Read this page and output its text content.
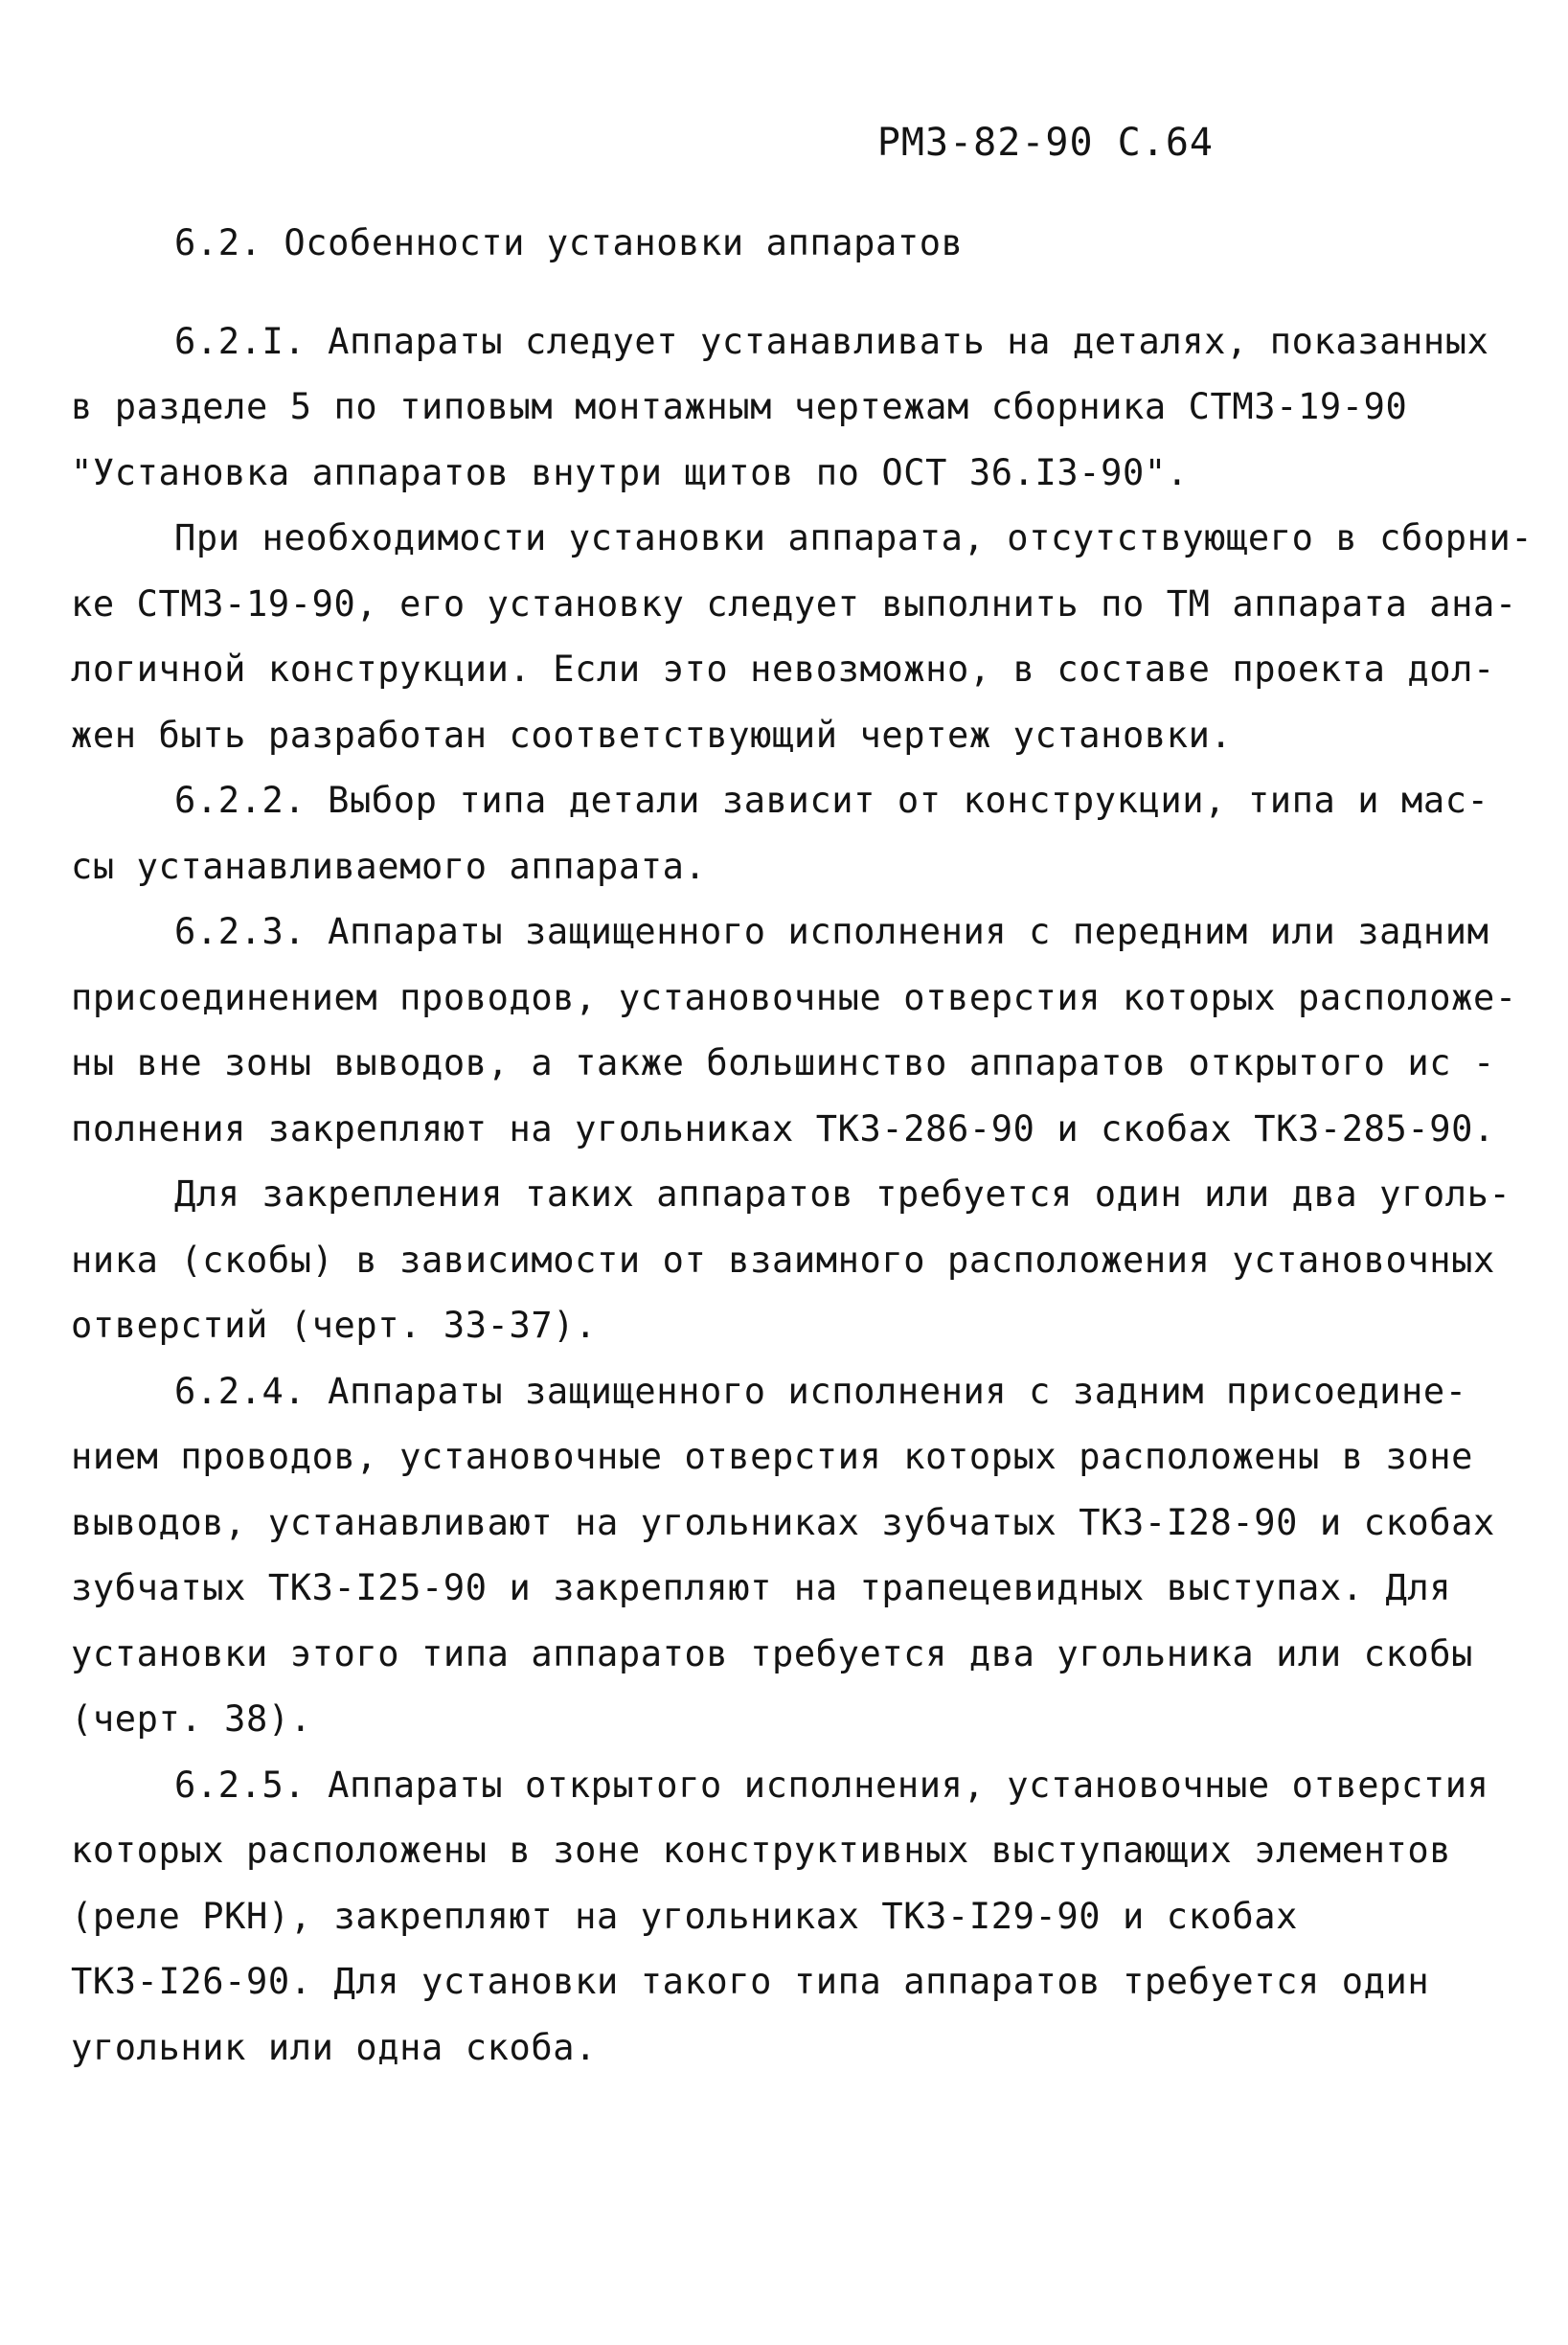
РМЗ-82-90 С.64
6.2. Особенности установки аппаратов
6.2.I. Аппараты следует устанавливать на деталях, показанных
в разделе 5 по типовым монтажным чертежам сборника СТМЗ-19-90
"Установка аппаратов внутри щитов по ОСТ 36.I3-90".
При необходимости установки аппарата, отсутствующего в сборни-
ке СТМЗ-19-90, его установку следует выполнить по ТМ аппарата ана-
логичной конструкции. Если это невозможно, в составе проекта дол-
жен быть разработан соответствующий чертеж установки.
6.2.2. Выбор типа детали зависит от конструкции, типа и мас-
сы устанавливаемого аппарата.
6.2.3. Аппараты защищенного исполнения с передним или задним
присоединением проводов, установочные отверстия которых расположе-
ны вне зоны выводов, а также большинство аппаратов открытого ис -
полнения закрепляют на угольниках ТКЗ-286-90 и скобах ТКЗ-285-90.
Для закрепления таких аппаратов требуется один или два уголь-
ника (скобы) в зависимости от взаимного расположения установочных
отверстий (черт. 33-37).
6.2.4. Аппараты защищенного исполнения с задним присоедине-
нием проводов, установочные отверстия которых расположены в зоне
выводов, устанавливают на угольниках зубчатых ТКЗ-I28-90 и скобах
зубчатых ТКЗ-I25-90 и закрепляют на трапецевидных выступах. Для
установки этого типа аппаратов требуется два угольника или скобы
(черт. 38).
6.2.5. Аппараты открытого исполнения, установочные отверстия
которых расположены в зоне конструктивных выступающих элементов
(реле РКН), закрепляют на угольниках ТКЗ-I29-90 и скобах
ТКЗ-I26-90. Для установки такого типа аппаратов требуется один
угольник или одна скоба.
